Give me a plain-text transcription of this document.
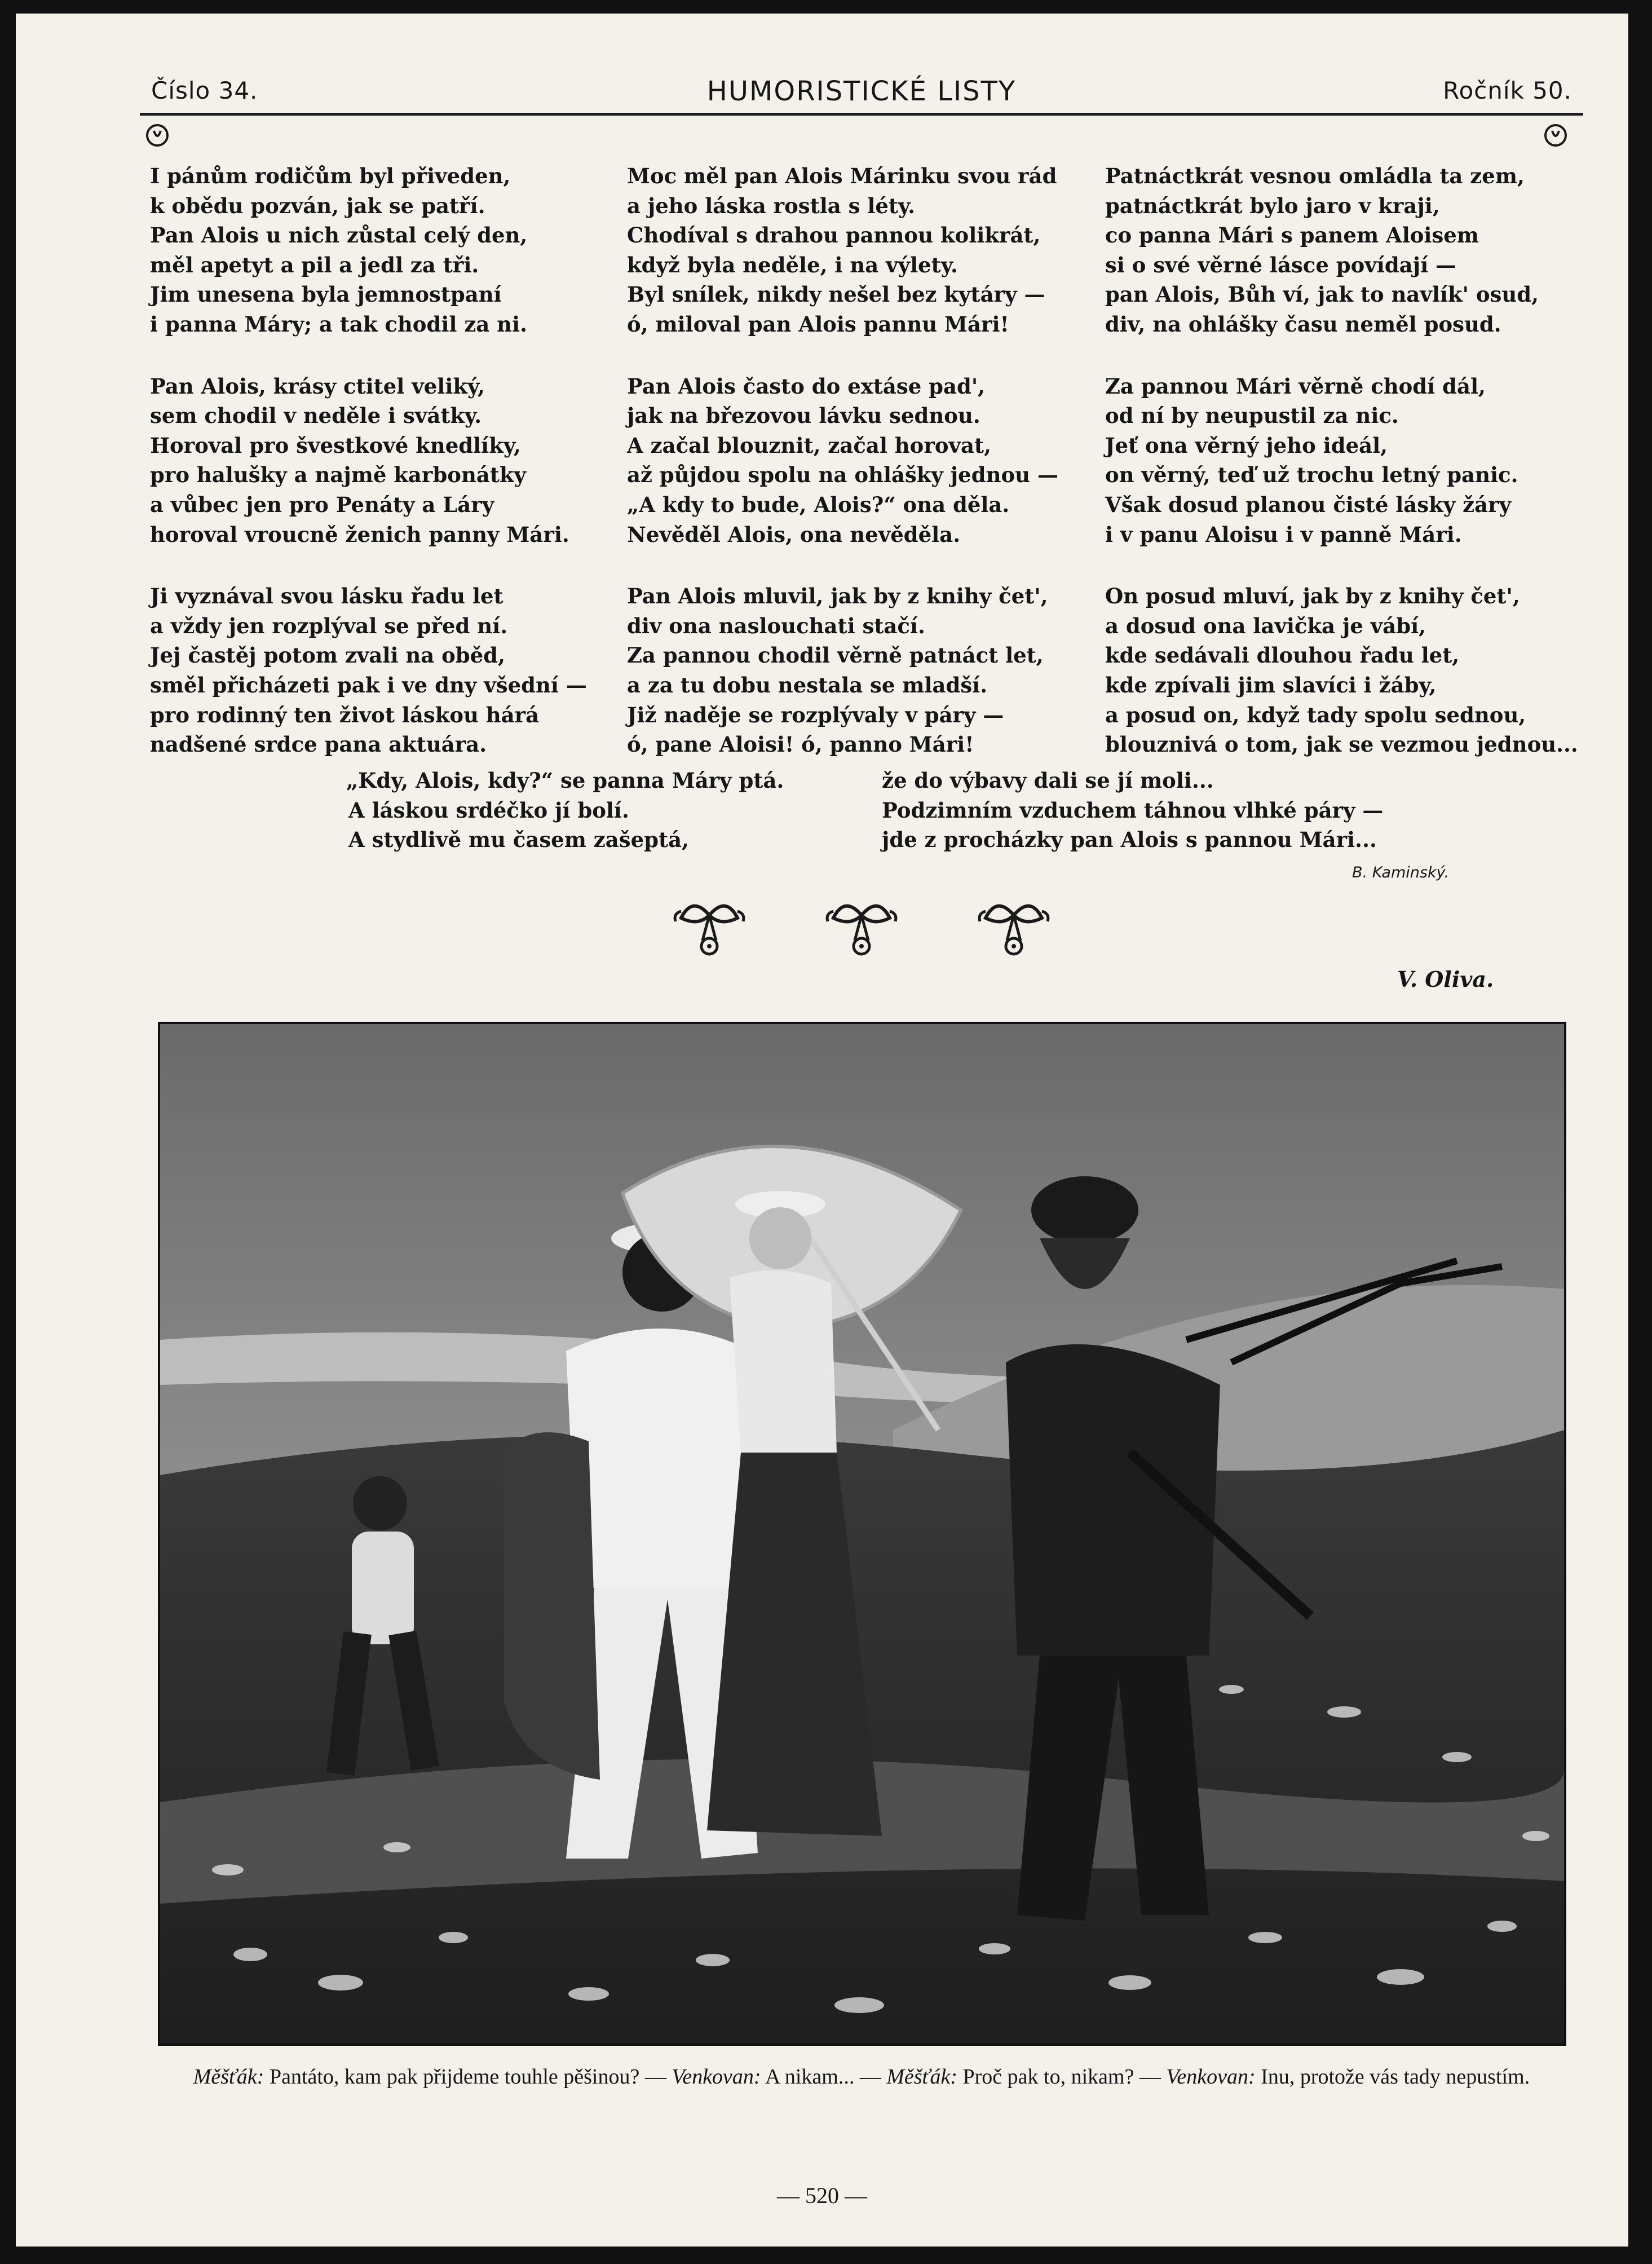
Číslo 34.	HUMORISTICKÉ LISTY	Ročník 50.
I pánům rodičům byl přiveden,
k obědu pozván, jak se patří.
Pan Alois u nich zůstal celý den,
měl apetyt a pil a jedl za tři.
Jim unesena byla jemnostpaní
i panna Máry; a tak chodil za ni.
Pan Alois, krásy ctitel veliký,
sem chodil v neděle i svátky.
Horoval pro švestkové knedlíky,
pro halušky a najmě karbonátky
a vůbec jen pro Penáty a Láry
horoval vroucně ženich panny Mári.
Ji vyznával svou lásku řadu let
a vždy jen rozplýval se před ní.
Jej častěj potom zvali na oběd,
směl přicházeti pak i ve dny všední —
pro rodinný ten život láskou hárá
nadšené srdce pana aktuára.
Moc měl pan Alois Márinku svou rád
a jeho láska rostla s léty.
Chodíval s drahou pannou kolikrát,
když byla neděle, i na výlety.
Byl snílek, nikdy nešel bez kytáry —
ó, miloval pan Alois pannu Mári!
Pan Alois často do extáse pad',
jak na březovou lávku sednou.
A začal blouznit, začal horovat,
až půjdou spolu na ohlášky jednou —
„A kdy to bude, Alois?“ ona děla.
Nevěděl Alois, ona nevěděla.
Pan Alois mluvil, jak by z knihy čet',
div ona naslouchati stačí.
Za pannou chodil věrně patnáct let,
a za tu dobu nestala se mladší.
Již naděje se rozplývaly v páry —
ó, pane Aloisi! ó, panno Mári!
Patnáctkrát vesnou omládla ta zem,
patnáctkrát bylo jaro v kraji,
co panna Mári s panem Aloisem
si o své věrné lásce povídají —
pan Alois, Bůh ví, jak to navlík' osud,
div, na ohlášky času neměl posud.
Za pannou Mári věrně chodí dál,
od ní by neupustil za nic.
Jeť ona věrný jeho ideál,
on věrný, teď už trochu letný panic.
Však dosud planou čisté lásky žáry
i v panu Aloisu i v panně Mári.
On posud mluví, jak by z knihy čet',
a dosud ona lavička je vábí,
kde sedávali dlouhou řadu let,
kde zpívali jim slavíci i žáby,
a posud on, když tady spolu sednou,
blouznivá o tom, jak se vezmou jednou...
„Kdy, Alois, kdy?“ se panna Máry ptá.
A láskou srdéčko jí bolí.
A stydlivě mu časem zašeptá,
že do výbavy dali se jí moli...
Podzimním vzduchem táhnou vlhké páry —
jde z procházky pan Alois s pannou Mári...
B. Kaminský.
V. Oliva.
Měšťák: Pantáto, kam pak přijdeme touhle pěšinou? — Venkovan: A nikam... — Měšťák: Proč pak to, nikam? — Venkovan: Inu, protože vás tady nepustím.
— 520 —
